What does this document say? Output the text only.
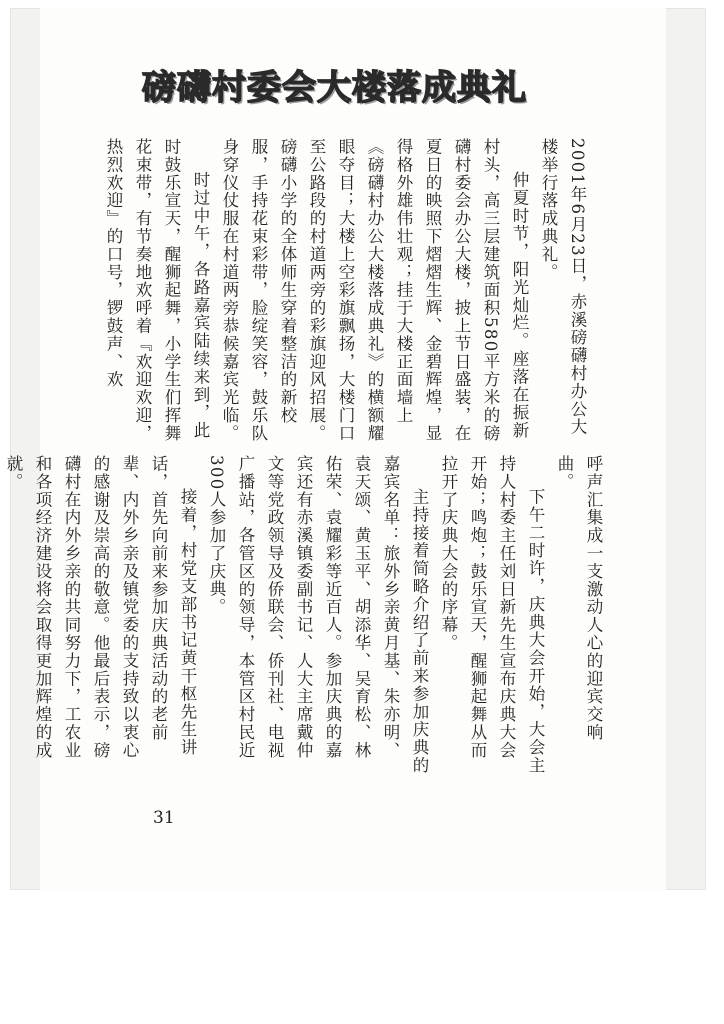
磅礴村委会大楼落成典礼

2001年6月23日，赤溪磅礴村办公大楼举行落成典礼。

仲夏时节，阳光灿烂。座落在振新村头，高三层建筑面积580平方米的磅礴村委会办公大楼，披上节日盛装，在夏日的映照下熠熠生辉、金碧辉煌，显得格外雄伟壮观；挂于大楼正面墙上《磅礴村办公大楼落成典礼》的横额耀眼夺目；大楼上空彩旗飘扬，大楼门口至公路段的村道两旁的彩旗迎风招展。磅礴小学的全体师生穿着整洁的新校服，手持花束彩带，脸绽笑容，鼓乐队身穿仪仗服在村道两旁恭候嘉宾光临。

时过中午，各路嘉宾陆续来到，此时鼓乐宣天，醒狮起舞，小学生们挥舞花束带，有节奏地欢呼着『欢迎欢迎，热烈欢迎』的口号，锣鼓声、欢

呼声汇集成一支激动人心的迎宾交响曲。

下午二时许，庆典大会开始，大会主持人村委主任刘日新先生宣布庆典大会开始；鸣炮；鼓乐宣天，醒狮起舞从而拉开了庆典大会的序幕。

主持接着简略介绍了前来参加庆典的嘉宾名单：旅外乡亲黄月基、朱亦明、袁天颂、黄玉平、胡添华、吴育松、林佑荣、袁耀彩等近百人。参加庆典的嘉宾还有赤溪镇委副书记、人大主席戴仲文等党政领导及侨联会、侨刊社、电视广播站，各管区的领导，本管区村民近300人参加了庆典。

接着，村党支部书记黄干枢先生讲话，首先向前来参加庆典活动的老前辈、内外乡亲及镇党委的支持致以衷心的感谢及崇高的敬意。他最后表示，磅礴村在内外乡亲的共同努力下，工农业和各项经济建设将会取得更加辉煌的成就。

31
